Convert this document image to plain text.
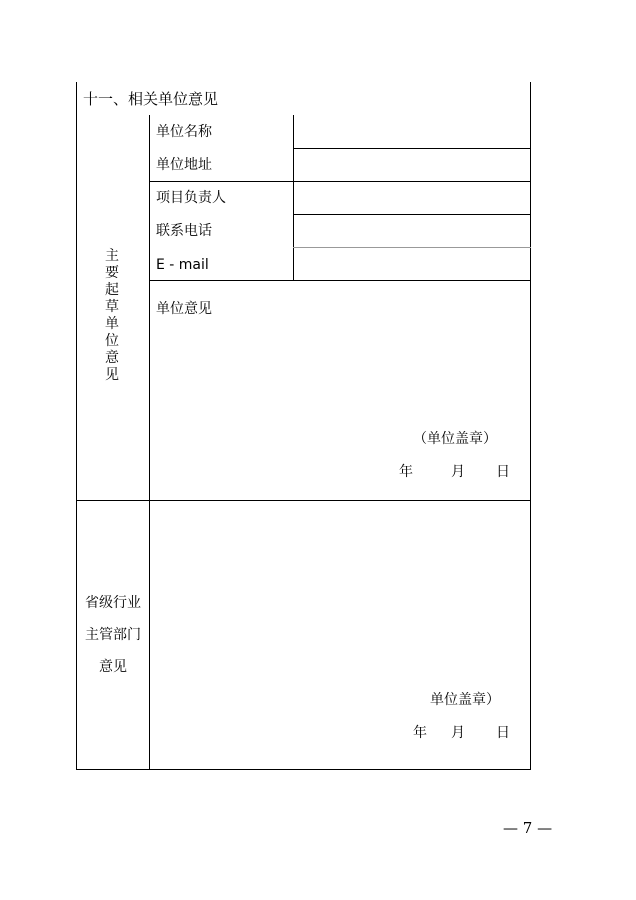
十一、相关单位意见
主要起草单位意见
单位名称
单位地址
项目负责人
联系电话
E - mail
单位意见
（单位盖章）
年	月 日
省级行业
主管部门
意见
单位盖章）
年 月 日
— 7 —
